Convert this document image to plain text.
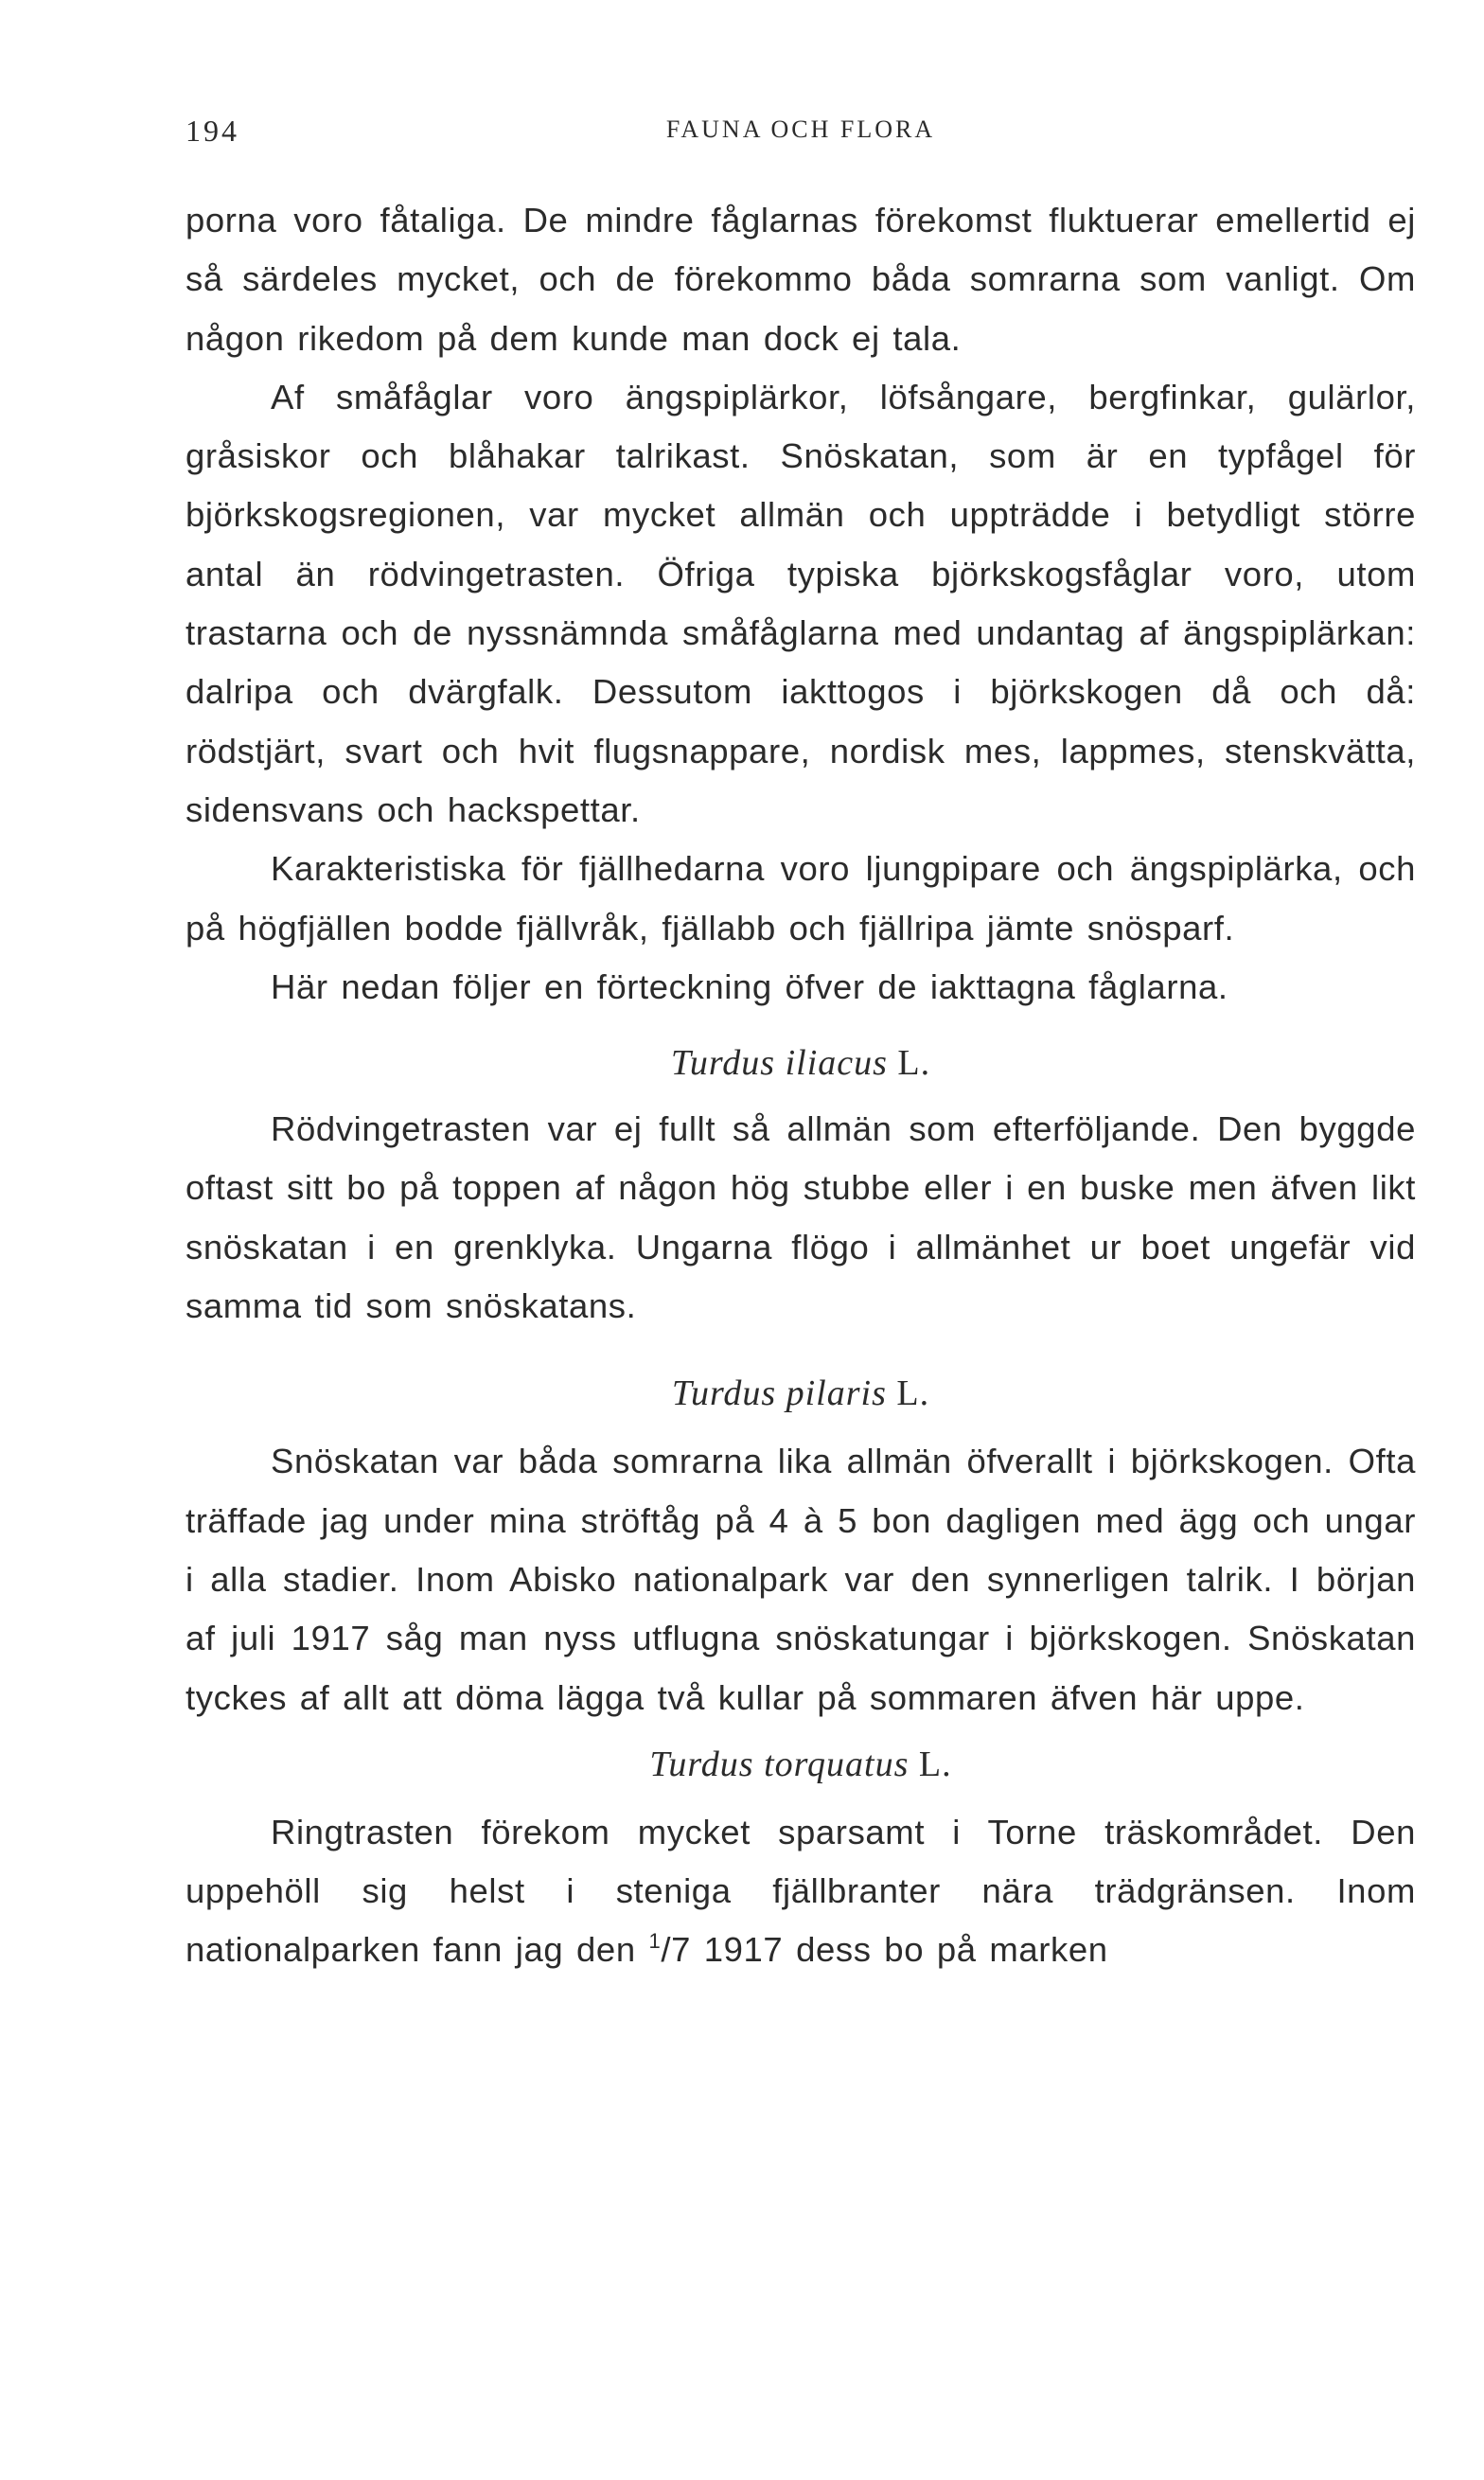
194	FAUNA OCH FLORA

porna voro fåtaliga. De mindre fåglarnas förekomst fluktuerar emellertid ej så särdeles mycket, och de förekommo båda somrarna som vanligt. Om någon rikedom på dem kunde man dock ej tala.

Af småfåglar voro ängspiplärkor, löfsångare, bergfinkar, gulärlor, gråsiskor och blåhakar talrikast. Snöskatan, som är en typfågel för björkskogsregionen, var mycket allmän och uppträdde i betydligt större antal än rödvingetrasten. Öfriga typiska björkskogsfåglar voro, utom trastarna och de nyssnämnda småfåglarna med undantag af ängspiplärkan: dalripa och dvärgfalk. Dessutom iakttogos i björkskogen då och då: rödstjärt, svart och hvit flugsnappare, nordisk mes, lappmes, stenskvätta, sidensvans och hackspettar.

Karakteristiska för fjällhedarna voro ljungpipare och ängspiplärka, och på högfjällen bodde fjällvråk, fjällabb och fjällripa jämte snösparf.

Här nedan följer en förteckning öfver de iakttagna fåglarna.

Turdus iliacus L.

Rödvingetrasten var ej fullt så allmän som efterföljande. Den byggde oftast sitt bo på toppen af någon hög stubbe eller i en buske men äfven likt snöskatan i en grenklyka. Ungarna flögo i allmänhet ur boet ungefär vid samma tid som snöskatans.

Turdus pilaris L.

Snöskatan var båda somrarna lika allmän öfverallt i björkskogen. Ofta träffade jag under mina ströftåg på 4 à 5 bon dagligen med ägg och ungar i alla stadier. Inom Abisko nationalpark var den synnerligen talrik. I början af juli 1917 såg man nyss utflugna snöskatungar i björkskogen. Snöskatan tyckes af allt att döma lägga två kullar på sommaren äfven här uppe.

Turdus torquatus L.

Ringtrasten förekom mycket sparsamt i Torne träskområdet. Den uppehöll sig helst i steniga fjällbranter nära trädgränsen. Inom nationalparken fann jag den $^1$/7 1917 dess bo på marken
